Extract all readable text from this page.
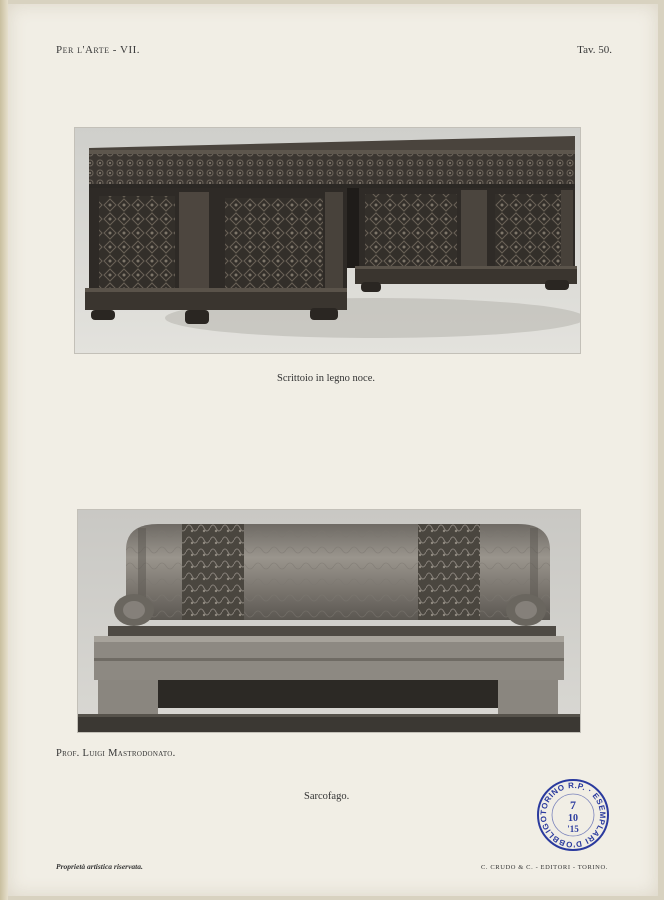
Per l'Arte - VII.	Tav. 50.
Scrittoio in legno noce.
Prof. Luigi Mastrodonato.
Sarcofago.
Proprietà artistica riservata.	C. CRUDO & C. - EDITORI - TORINO.
TORINO R.P. · ESEMPLARI D'OBBLIGO
7
10
'15
